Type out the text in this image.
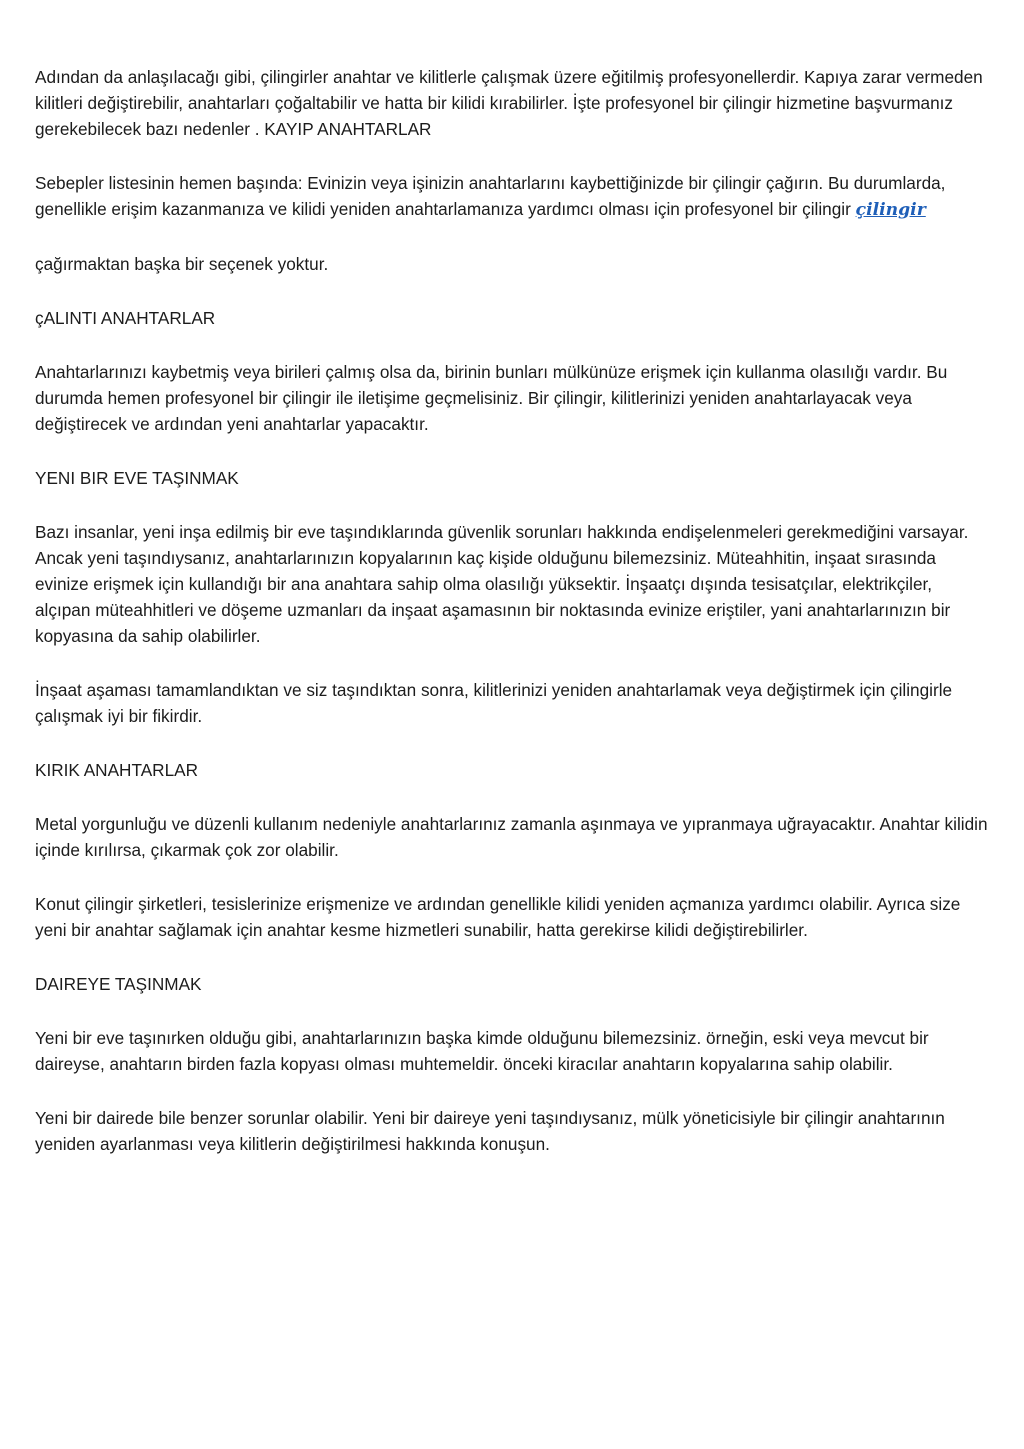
Adından da anlaşılacağı gibi, çilingirler anahtar ve kilitlerle çalışmak üzere eğitilmiş profesyonellerdir. Kapıya zarar vermeden kilitleri değiştirebilir, anahtarları çoğaltabilir ve hatta bir kilidi kırabilirler. İşte profesyonel bir çilingir hizmetine başvurmanız gerekebilecek bazı nedenler . KAYIP ANAHTARLAR

Sebepler listesinin hemen başında: Evinizin veya işinizin anahtarlarını kaybettiğinizde bir çilingir çağırın. Bu durumlarda, genellikle erişim kazanmanıza ve kilidi yeniden anahtarlamanıza yardımcı olması için profesyonel bir çilingir çilingir

çağırmaktan başka bir seçenek yoktur.

çALINTI ANAHTARLAR

Anahtarlarınızı kaybetmiş veya birileri çalmış olsa da, birinin bunları mülkünüze erişmek için kullanma olasılığı vardır. Bu durumda hemen profesyonel bir çilingir ile iletişime geçmelisiniz. Bir çilingir, kilitlerinizi yeniden anahtarlayacak veya değiştirecek ve ardından yeni anahtarlar yapacaktır.

YENI BIR EVE TAŞINMAK

Bazı insanlar, yeni inşa edilmiş bir eve taşındıklarında güvenlik sorunları hakkında endişelenmeleri gerekmediğini varsayar. Ancak yeni taşındıysanız, anahtarlarınızın kopyalarının kaç kişide olduğunu bilemezsiniz. Müteahhitin, inşaat sırasında evinize erişmek için kullandığı bir ana anahtara sahip olma olasılığı yüksektir. İnşaatçı dışında tesisatçılar, elektrikçiler, alçıpan müteahhitleri ve döşeme uzmanları da inşaat aşamasının bir noktasında evinize eriştiler, yani anahtarlarınızın bir kopyasına da sahip olabilirler.

İnşaat aşaması tamamlandıktan ve siz taşındıktan sonra, kilitlerinizi yeniden anahtarlamak veya değiştirmek için çilingirle çalışmak iyi bir fikirdir.

KIRIK ANAHTARLAR

Metal yorgunluğu ve düzenli kullanım nedeniyle anahtarlarınız zamanla aşınmaya ve yıpranmaya uğrayacaktır. Anahtar kilidin içinde kırılırsa, çıkarmak çok zor olabilir.

Konut çilingir şirketleri, tesislerinize erişmenize ve ardından genellikle kilidi yeniden açmanıza yardımcı olabilir. Ayrıca size yeni bir anahtar sağlamak için anahtar kesme hizmetleri sunabilir, hatta gerekirse kilidi değiştirebilirler.

DAIREYE TAŞINMAK

Yeni bir eve taşınırken olduğu gibi, anahtarlarınızın başka kimde olduğunu bilemezsiniz. örneğin, eski veya mevcut bir daireyse, anahtarın birden fazla kopyası olması muhtemeldir. önceki kiracılar anahtarın kopyalarına sahip olabilir.

Yeni bir dairede bile benzer sorunlar olabilir. Yeni bir daireye yeni taşındıysanız, mülk yöneticisiyle bir çilingir anahtarının yeniden ayarlanması veya kilitlerin değiştirilmesi hakkında konuşun.
